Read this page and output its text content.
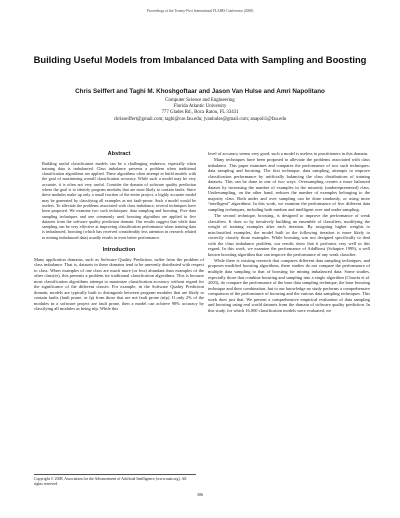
Proceedings of the Twenty-First International FLAIRS Conference (2008)
Building Useful Models from Imbalanced Data with Sampling and Boosting
Chris Seiffert and Taghi M. Khoshgoftaar and Jason Van Hulse and Amri Napolitano
Computer Science and Engineering
Florida Atlantic University
777 Glades Rd., Boca Raton, FL 33431
chrisseiffert@gmail.com; taghi@cse.fau.edu; jvanhulse@gmail.com; anapoli1@fau.edu
Abstract
Building useful classification models can be a challenging endeavor, especially when training data is imbalanced. Class imbalance presents a problem when traditional classification algorithms are applied. These algorithms often attempt to build models with the goal of maximizing overall classification accuracy. While such a model may be very accurate, it is often not very useful. Consider the domain of software quality prediction where the goal is to identify program modules that are most likely to contain faults. Since these modules make up only a small fraction of the entire project, a highly accurate model may be generated by classifying all examples as not fault-prone. Such a model would be useless. To alleviate the problems associated with class imbalance, several techniques have been proposed. We examine two such techniques: data sampling and boosting. Five data sampling techniques and one commonly used boosting algorithm are applied to five datasets from the software quality prediction domain. Our results suggest that while data sampling can be very effective at improving classification performance when training data is imbalanced, boosting (which has received considerably less attention in research related to mining imbalanced data) usually results in even better performance.
Introduction

Many application domains, such as Software Quality Prediction, suffer from the problem of class imbalance. That is, datasets in these domains tend to be unevenly distributed with respect to class. When examples of one class are much more (or less) abundant than examples of the other class(es), this presents a problem for traditional classification algorithms. This is because most classification algorithms attempt to maximize classification accuracy without regard for the significance of the different classes. For example, in the Software Quality Prediction domain, models are typically built to distinguish between program modules that are likely to contain faults (fault prone, or fp) from those that are not fault prone (nfp). If only 2% of the modules in a software project are fault prone, then a model can achieve 98% accuracy by classifying all modules as being nfp. While this

level of accuracy seems very good, such a model is useless to practitioners in this domain.

Many techniques have been proposed to alleviate the problems associated with class imbalance. This paper examines and compares the performance of two such techniques: data sampling and boosting. The first technique, data sampling, attempts to improve classification performance by artificially balancing the class distributions of training datasets. This can be done in one of two ways. Oversampling creates a more balanced dataset by increasing the number of examples in the minority (underrepresented) class. Undersampling, on the other hand, reduces the number of examples belonging to the majority class. Both under and over sampling can be done randomly, or using more “intelligent” algorithms. In this work, we examine the performance of five different data sampling techniques, including both random and intelligent over and under sampling.

The second technique, boosting, is designed to improve the performance of weak classifiers. It does so by iteratively building an ensemble of classifiers, modifying the weight of training examples after each iteration. By assigning higher weights to misclassified examples, the model built in the following iteration is more likely to correctly classify those examples. While boosting was not designed specifically to deal with the class imbalance problem, our results show that it performs very well in this regard. In this work, we examine the performance of AdaBoost (Schapire 1999), a well known boosting algorithm that can improve the performance of any weak classifier.

While there is existing research that compares different data sampling techniques, and proposes modified boosting algorithms, these studies do not compare the performance of multiple data sampling to that of boosting for mining imbalanced data. Some studies, especially those that combine boosting and sampling into a single algorithm (Chawla et al. 2003), do compare the performance of the base data sampling technique, the base boosting technique and their combination, but to our knowledge no study performs a comprehensive comparison of the performance of boosting and the various data sampling techniques. This work does just that. We present a comprehensive empirical evaluation of data sampling and boosting using real world datasets from the domain of software quality prediction. In this study, for which 16,000 classification models were evaluated, we

Copyright © 2008, Association for the Advancement of Artificial Intelligence (www.aaai.org). All rights reserved.
306
